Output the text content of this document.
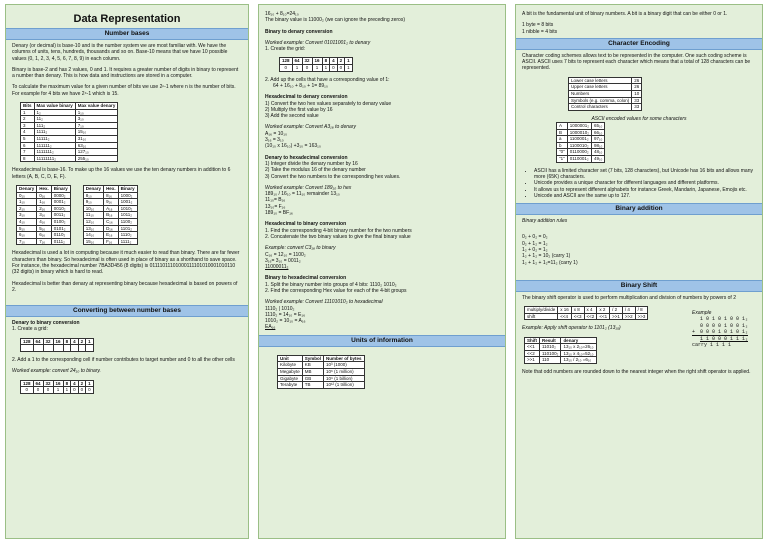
Data Representation
Number bases

Denary (or decimal) is base-10 and is the number system we are most familiar with. We have the columns of units, tens, hundreds, thousands and so on. Base-10 means that we have 10 possible values (0, 1, 2, 3, 4, 5, 6, 7, 8, 9) in each column.

Binary is base-2 and has 2 values, 0 and 1. It requires a greater number of digits in binary to represent a number than denary. This is how data and instructions are stored in a computer.

To calculate the maximum value for a given number of bits we use 2ⁿ-1 where n is the number of bits. For example for 4 bits we have 2⁴-1 which is 15.

Bits	Max value binary	Max value denary
1	1₂	1₁₀
2	11₂	3₁₀
3	111₂	7₁₀
4	1111₂	15₁₀
5	11111₂	31₁₀
6	111111₂	63₁₀
7	1111111₂	127₁₀
8	11111111₂	255₁₀

Hexadecimal is base-16. To make up the 16 values we use the ten denary numbers in addition to 6 letters (A, B, C, D, E, F).

Denary	Hex.	Binary
0₁₀	0₁₆	0000₂
1₁₀	1₁₆	0001₂
2₁₀	2₁₆	0010₂
3₁₀	3₁₆	0011₂
4₁₀	4₁₆	0100₂
5₁₀	5₁₆	0101₂
6₁₀	6₁₆	0110₂
7₁₀	7₁₆	0111₂
Denary	Hex.	Binary
8₁₀	8₁₆	1000₂
9₁₀	9₁₆	1001₂
10₁₀	A₁₆	1010₂
11₁₀	B₁₆	1011₂
12₁₀	C₁₆	1100₂
13₁₀	D₁₆	1101₂
14₁₀	E₁₆	1110₂
15₁₀	F₁₆	1111₂

Hexadecimal is used a lot in computing because it much easier to read than binary. There are far fewer characters than binary. So hexadecimal is often used in place of binary as a shorthand to save space. For instance, the hexadecimal number 7BA3D456 (8 digits) is 01111011101000111101010001010110 (32 digits) in binary which is hard to read.

Hexadecimal is better than denary at representing binary because hexadecimal is based on powers of 2.

Converting between number bases

Denary to binary conversion

1. Create a grid:

128	64	32	16	8	4	2	1

2. Add a 1 to the corresponding cell if number contributes to target number and 0 to all the other cells

Worked example: convert 24₁₀ to binary.

128	64	32	16	8	4	2	1
0	0	0	1	1	0	0	0

16₁₀ + 8₁₀=24₁₀

The binary value is 11000₂ (we can ignore the preceding zeros)

Binary to denary conversion

Worked example: Convert 01011001₂ to denary

1. Create the grid:

128	64	32	16	8	4	2	1
0	1	0	1	1	0	0	1

2. Add up the cells that have a corresponding value of 1:

64 + 16₁₀ + 8₁₀ + 1= 89₁₀

Hexadecimal to denary conversion

1) Convert the two hex values separately to denary value

2) Multiply the first value by 16

3) Add the second value

Worked example: Convert A3₁₆ to denary

A₁₆ = 10₁₀

3₁₆ = 3₁₀

(10₁₀ x 16₁₀) +3₁₀ = 163₁₀

Denary to hexadecimal conversion

1) Integer divide the denary number by 16

2) Take the modulus 16 of the denary number

3) Convert the two numbers to the corresponding hex values.

Worked example: Convert 189₁₀ to hex

189₁₀ / 16₁₀ = 11₁₀ remainder 13₁₀

11₁₀= B₁₆

13₁₀= F₁₆

189₁₀ = BF₁₆

Hexadecimal to binary conversion

1. Find the corresponding 4-bit binary number for the two numbers

2. Concatenate the two binary values to give the final binary value

Example: convert C3₁₆ to binary

C₁₆ = 12₁₀ = 1100₂

3₁₆= 3₁₀ = 0011₂

11000011₂

Binary to hexadecimal conversion

1. Split the binary number into groups of 4 bits: 1110₂ 1010₂

2. Find the corresponding Hex value for each of the 4-bit groups

Worked example: Convert 11101010₂ to hexadecimal

1110₂ | 1010₂

1110₂ = 14₁₀ = E₁₆

1010₂ = 10₁₀ = A₁₆

EA₁₆

Units of information
Unit	Symbol	Number of bytes
Kilobyte	KB	10³ (1000)
Megabyte	MB	10⁶ (1 million)
Gigabyte	GB	10⁹ (1 billion)
Terabyte	TB	10¹² (1 trillion)

A bit is the fundamental unit of binary numbers. A bit is a binary digit that can be either 0 or 1.

1 byte = 8 bits

1 nibble = 4 bits

Character Encoding

Character coding schemes allows text to be represented in the computer. One such coding scheme is ASCII. ASCII uses 7 bits to represent each character which means that a total of 128 characters can be represented.

Lower case letters	26
Upper case letters	26
Numbers	10
Symbols (e.g. comma, colon)	33
Control characters	33

ASCII encoded values for some characters

A	1000001₂	65₁₀
B	1000010₂	66₁₀
a	1100001₂	97₁₀
b	1100010₂	98₁₀
"0"	0110000₂	48₁₀
"1"	0110001₂	49₁₀
• ASCII has a limited character set (7 bits, 128 characters), but Unicode has 16 bits and allows many more (65K) characters.
• Unicode provides a unique character for different languages and different platforms.
• It allows us to represent different alphabets for instance Greek, Mandarin, Japanese, Emojis etc.
• Unicode and ASCII are the same up to 127.
Binary addition

Binary addition rules

0₂ + 0₂ = 0₂

0₂ + 1₂ = 1₂

1₂ + 0₂ = 1₂

1₂ + 1₂ = 10₂ (carry 1)

1₂ + 1₂ + 1₂=11₂ (carry 1)

Example
1 0 1 0 1 0 0 1₂
0 0 0 0 1 0 0 1₂
+ 0 0 0 1 0 1 0 1₂
1 1 0 0 0 1 1 1₂
carry 1 1 1 1
Binary Shift

The binary shift operator is used to perform multiplication and division of numbers by powers of 2

multiply/divide	x 16	x 8	x 4	x 2	/ 2	/ 4	/ 8
shift	<<4	<<3	<<2	<<1	>>1	>>2	>>3

Example: Apply shift operator to 1101₂ (13₁₀)

Shift	Result	denary
<<1	11010₂	13₁₀ x 2₁₀=26₁₀
<<2	110100₂	13₁₀ x 4₁₀=52₁₀
>>1	110	13₁₀ / 2₁₀ =6₁₀

Note that odd numbers are rounded down to the nearest integer when the right shift operator is applied.
